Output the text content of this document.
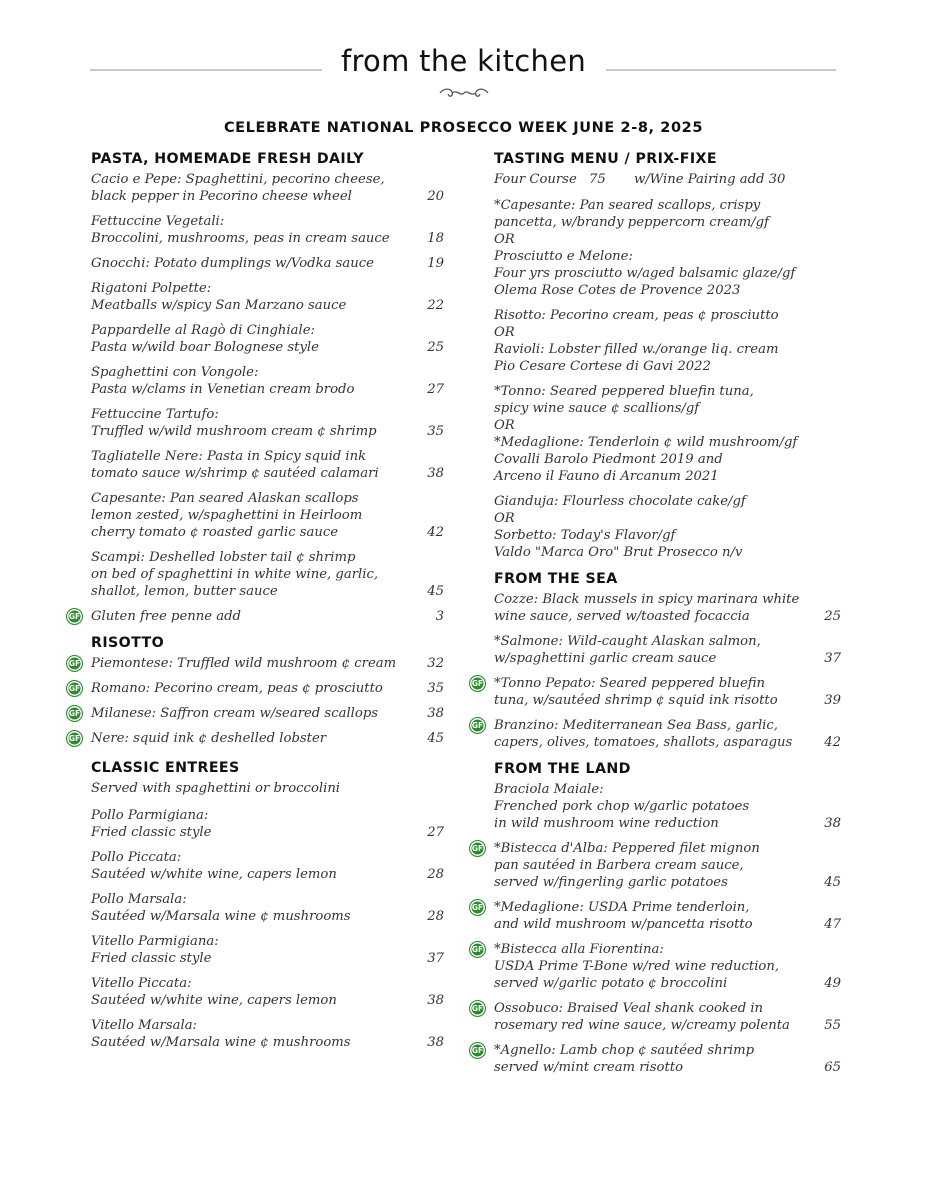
from the kitchen
CELEBRATE NATIONAL PROSECCO WEEK JUNE 2-8, 2025
PASTA, HOMEMADE FRESH DAILY
Cacio e Pepe: Spaghettini, pecorino cheese,
black pepper in Pecorino cheese wheel	20
Fettuccine Vegetali:
Broccolini, mushrooms, peas in cream sauce	18
Gnocchi: Potato dumplings w/Vodka sauce	19
Rigatoni Polpette:
Meatballs w/spicy San Marzano sauce	22
Pappardelle al Ragò di Cinghiale:
Pasta w/wild boar Bolognese style	25
Spaghettini con Vongole:
Pasta w/clams in Venetian cream brodo	27
Fettuccine Tartufo:
Truffled w/wild mushroom cream ¢ shrimp	35
Tagliatelle Nere: Pasta in Spicy squid ink
tomato sauce w/shrimp ¢ sautéed calamari	38
Capesante: Pan seared Alaskan scallops
lemon zested, w/spaghettini in Heirloom
cherry tomato ¢ roasted garlic sauce	42
Scampi: Deshelled lobster tail ¢ shrimp
on bed of spaghettini in white wine, garlic,
shallot, lemon, butter sauce	45
GF Gluten free penne add	3
RISOTTO
GF Piemontese: Truffled wild mushroom ¢ cream	32
GF Romano: Pecorino cream, peas ¢ prosciutto	35
GF Milanese: Saffron cream w/seared scallops	38
GF Nere: squid ink ¢ deshelled lobster	45
CLASSIC ENTREES
Served with spaghettini or broccolini
Pollo Parmigiana:
Fried classic style	27
Pollo Piccata:
Sautéed w/white wine, capers lemon	28
Pollo Marsala:
Sautéed w/Marsala wine ¢ mushrooms	28
Vitello Parmigiana:
Fried classic style	37
Vitello Piccata:
Sautéed w/white wine, capers lemon	38
Vitello Marsala:
Sautéed w/Marsala wine ¢ mushrooms	38
TASTING MENU / PRIX-FIXE
Four Course 75 w/Wine Pairing add 30
*Capesante: Pan seared scallops, crispy
pancetta, w/brandy peppercorn cream/gf
OR
Prosciutto e Melone:
Four yrs prosciutto w/aged balsamic glaze/gf
Olema Rose Cotes de Provence 2023
Risotto: Pecorino cream, peas ¢ prosciutto
OR
Ravioli: Lobster filled w./orange liq. cream
Pio Cesare Cortese di Gavi 2022
*Tonno: Seared peppered bluefin tuna,
spicy wine sauce ¢ scallions/gf
OR
*Medaglione: Tenderloin ¢ wild mushroom/gf
Covalli Barolo Piedmont 2019 and
Arceno il Fauno di Arcanum 2021
Gianduja: Flourless chocolate cake/gf
OR
Sorbetto: Today's Flavor/gf
Valdo "Marca Oro" Brut Prosecco n/v
FROM THE SEA
Cozze: Black mussels in spicy marinara white
wine sauce, served w/toasted focaccia	25
*Salmone: Wild-caught Alaskan salmon,
w/spaghettini garlic cream sauce	37
GF *Tonno Pepato: Seared peppered bluefin
tuna, w/sautéed shrimp ¢ squid ink risotto	39
GF Branzino: Mediterranean Sea Bass, garlic,
capers, olives, tomatoes, shallots, asparagus	42
FROM THE LAND
Braciola Maiale:
Frenched pork chop w/garlic potatoes
in wild mushroom wine reduction	38
GF *Bistecca d'Alba: Peppered filet mignon
pan sautéed in Barbera cream sauce,
served w/fingerling garlic potatoes	45
GF *Medaglione: USDA Prime tenderloin,
and wild mushroom w/pancetta risotto	47
GF *Bistecca alla Fiorentina:
USDA Prime T-Bone w/red wine reduction,
served w/garlic potato ¢ broccolini	49
GF Ossobuco: Braised Veal shank cooked in
rosemary red wine sauce, w/creamy polenta	55
GF *Agnello: Lamb chop ¢ sautéed shrimp
served w/mint cream risotto	65
